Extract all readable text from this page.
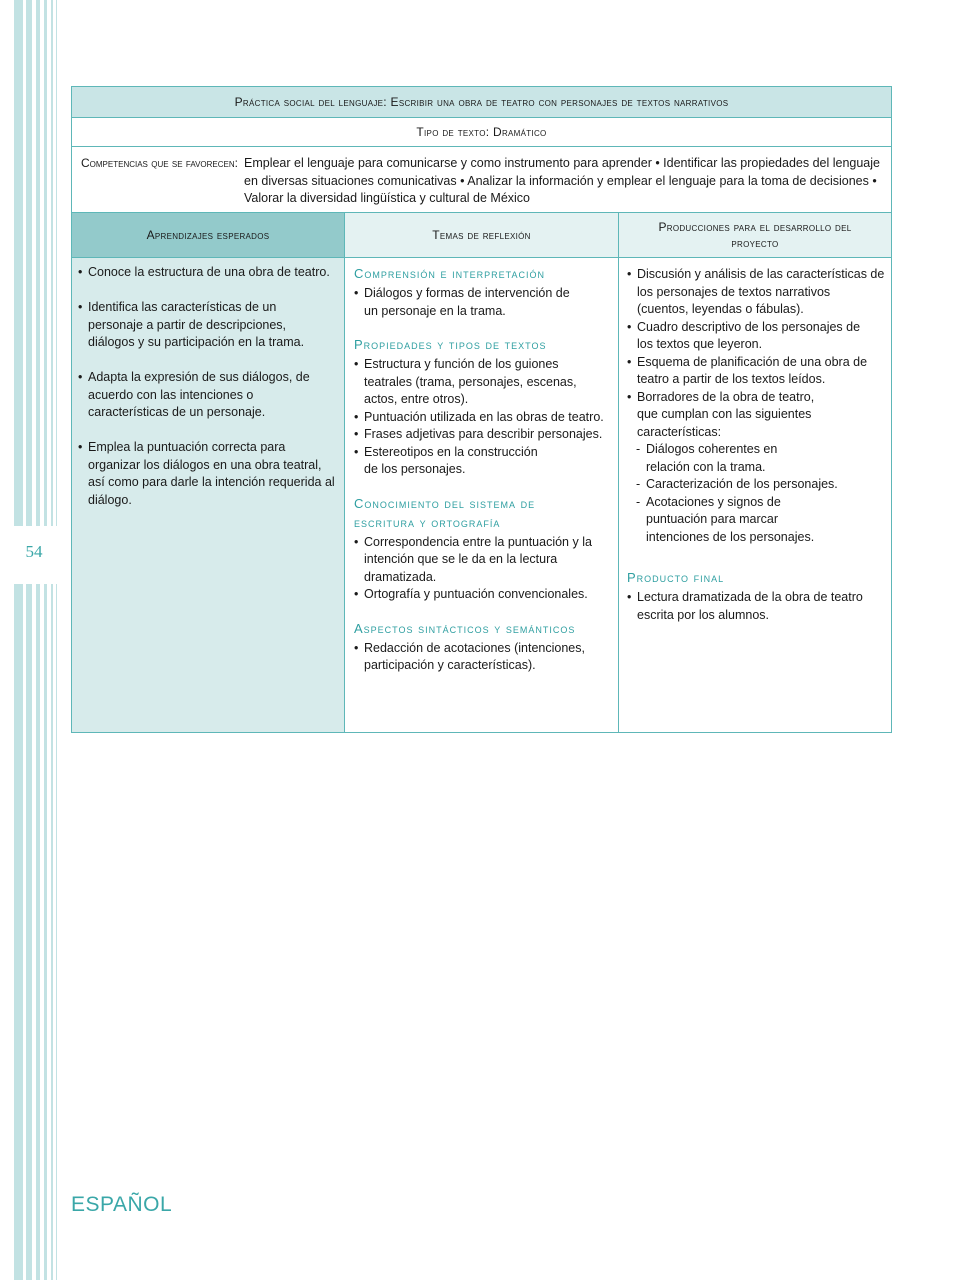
54
Práctica social del lenguaje: Escribir una obra de teatro con personajes de textos narrativos
Tipo de texto: Dramático
Competencias que se favorecen: Emplear el lenguaje para comunicarse y como instrumento para aprender • Identificar las propiedades del lenguaje en diversas situaciones comunicativas • Analizar la información y emplear el lenguaje para la toma de decisiones • Valorar la diversidad lingüística y cultural de México
Aprendizajes esperados	Temas de reflexión
Producciones para el desarrollo del proyecto
• Conoce la estructura de una obra de teatro.
• Identifica las características de un personaje a partir de descripciones, diálogos y su participación en la trama.
• Adapta la expresión de sus diálogos, de acuerdo con las intenciones o características de un personaje.
• Emplea la puntuación correcta para organizar los diálogos en una obra teatral, así como para darle la intención requerida al diálogo.
Comprensión e interpretación
• Diálogos y formas de intervención de un personaje en la trama.
Propiedades y tipos de textos
• Estructura y función de los guiones teatrales (trama, personajes, escenas, actos, entre otros).
• Puntuación utilizada en las obras de teatro.
• Frases adjetivas para describir personajes.
• Estereotipos en la construcción de los personajes.
Conocimiento del sistema de escritura y ortografía
• Correspondencia entre la puntuación y la intención que se le da en la lectura dramatizada.
• Ortografía y puntuación convencionales.
Aspectos sintácticos y semánticos
• Redacción de acotaciones (intenciones, participación y características).
• Discusión y análisis de las características de los personajes de textos narrativos (cuentos, leyendas o fábulas).
• Cuadro descriptivo de los personajes de los textos que leyeron.
• Esquema de planificación de una obra de teatro a partir de los textos leídos.
• Borradores de la obra de teatro, que cumplan con las siguientes características:
- Diálogos coherentes en relación con la trama.
- Caracterización de los personajes.
- Acotaciones y signos de puntuación para marcar intenciones de los personajes.
Producto final
• Lectura dramatizada de la obra de teatro escrita por los alumnos.
ESPAÑOL
